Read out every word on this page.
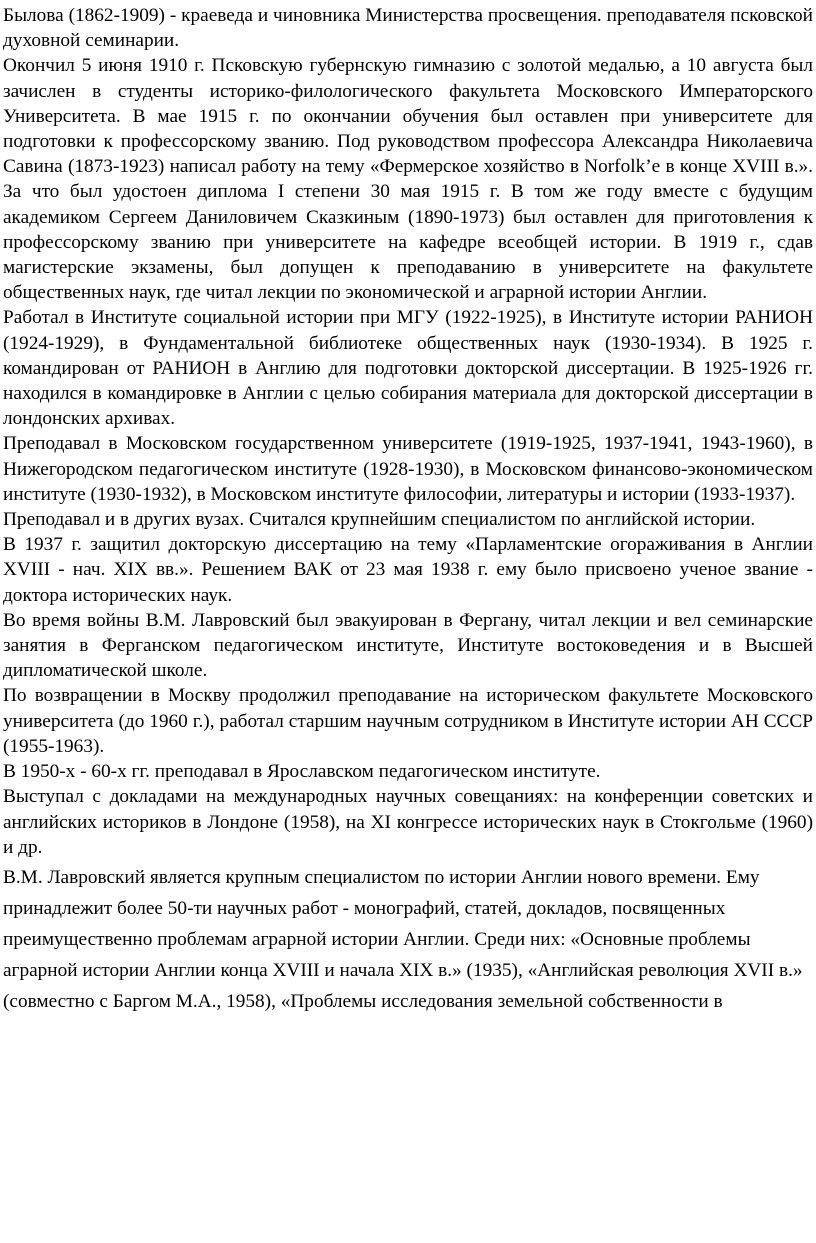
Былова (1862-1909) - краеведа и чиновника Министерства просвещения. преподавателя псковской духовной семинарии.

Окончил 5 июня 1910 г. Псковскую губернскую гимназию с золотой медалью, а 10 августа был зачислен в студенты историко-филологического факультета Московского Императорского Университета. В мае 1915 г. по окончании обучения был оставлен при университете для подготовки к профессорскому званию. Под руководством профессора Александра Николаевича Савина (1873-1923) написал работу на тему «Фермерское хозяйство в Norfolk’е в конце XVIII в.». За что был удостоен диплома I степени 30 мая 1915 г. В том же году вместе с будущим академиком Сергеем Даниловичем Сказкиным (1890-1973) был оставлен для приготовления к профессорскому званию при университете на кафедре всеобщей истории. В 1919 г., сдав магистерские экзамены, был допущен к преподаванию в университете на факультете общественных наук, где читал лекции по экономической и аграрной истории Англии.

Работал в Институте социальной истории при МГУ (1922-1925), в Институте истории РАНИОН (1924-1929), в Фундаментальной библиотеке общественных наук (1930-1934). В 1925 г. командирован от РАНИОН в Англию для подготовки докторской диссертации. В 1925-1926 гг. находился в командировке в Англии с целью собирания материала для докторской диссертации в лондонских архивах.

Преподавал в Московском государственном университете (1919-1925, 1937-1941, 1943-1960), в Нижегородском педагогическом институте (1928-1930), в Московском финансово-экономическом институте (1930-1932), в Московском институте философии, литературы и истории (1933-1937).

Преподавал и в других вузах. Считался крупнейшим специалистом по английской истории.

В 1937 г. защитил докторскую диссертацию на тему «Парламентские огораживания в Англии XVIII - нач. XIX вв.». Решением ВАК от 23 мая 1938 г. ему было присвоено ученое звание - доктора исторических наук.

Во время войны В.М. Лавровский был эвакуирован в Фергану, читал лекции и вел семинарские занятия в Ферганском педагогическом институте, Институте востоковедения и в Высшей дипломатической школе.

По возвращении в Москву продолжил преподавание на историческом факультете Московского университета (до 1960 г.), работал старшим научным сотрудником в Институте истории АН СССР (1955-1963).

В 1950-х - 60-х гг. преподавал в Ярославском педагогическом институте.

Выступал с докладами на международных научных совещаниях: на конференции советских и английских историков в Лондоне (1958), на XI конгрессе исторических наук в Стокгольме (1960) и др.

В.М. Лавровский является крупным специалистом по истории Англии нового времени. Ему принадлежит более 50-ти научных работ - монографий, статей, докладов, посвященных преимущественно проблемам аграрной истории Англии. Среди них: «Основные проблемы аграрной истории Англии конца XVIII и начала XIX в.» (1935), «Английская революция XVII в.» (совместно с Баргом М.А., 1958), «Проблемы исследования земельной собственности в
